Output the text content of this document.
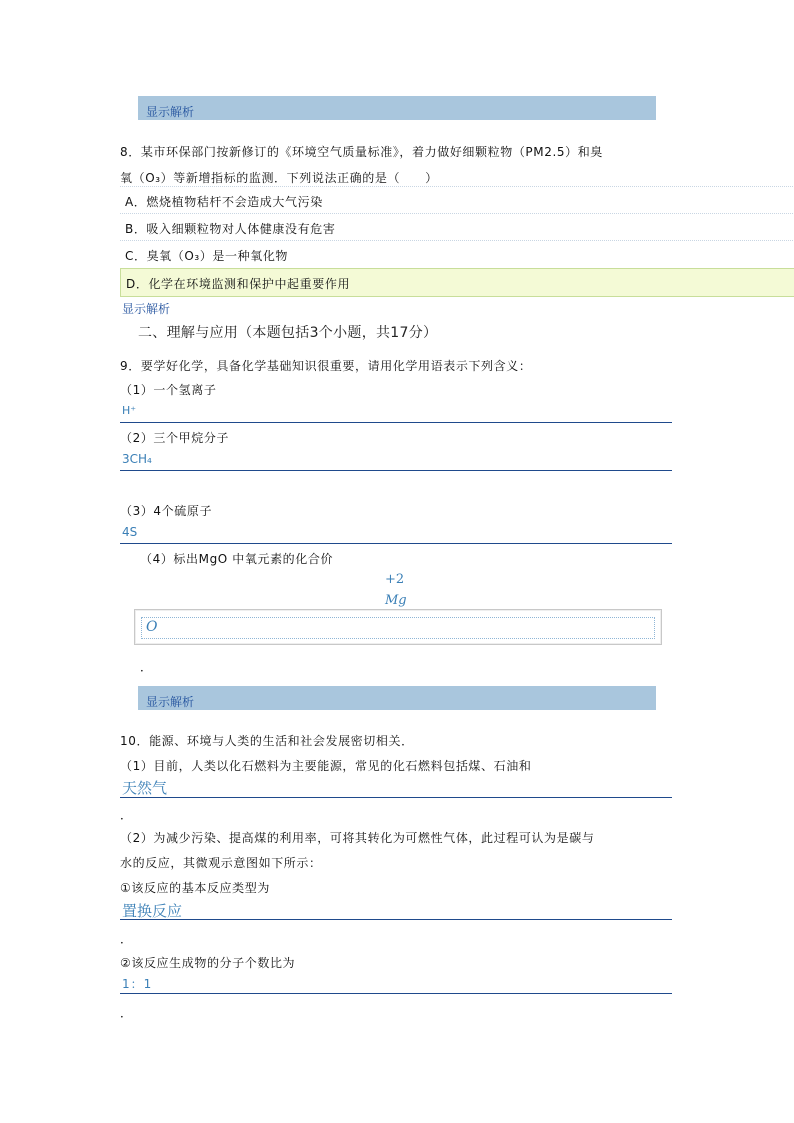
显示解析
8．某市环保部门按新修订的《环境空气质量标准》，着力做好细颗粒物（PM2.5）和臭
氧（O₃）等新增指标的监测．下列说法正确的是（　　）
A．燃烧植物秸杆不会造成大气污染
B．吸入细颗粒物对人体健康没有危害
C．臭氧（O₃）是一种氧化物
D．化学在环境监测和保护中起重要作用
显示解析
二、理解与应用（本题包括3个小题，共17分）
9．要学好化学，具备化学基础知识很重要，请用化学用语表示下列含义：
（1）一个氢离子
H⁺
（2）三个甲烷分子
3CH₄
（3）4个硫原子
4S
（4）标出MgO 中氧元素的化合价
+2
Mg
O
．
显示解析
10．能源、环境与人类的生活和社会发展密切相关．
（1）目前，人类以化石燃料为主要能源，常见的化石燃料包括煤、石油和
天然气
．
（2）为减少污染、提高煤的利用率，可将其转化为可燃性气体，此过程可认为是碳与
水的反应，其微观示意图如下所示：
①该反应的基本反应类型为
置换反应
．
②该反应生成物的分子个数比为
1：1
．
